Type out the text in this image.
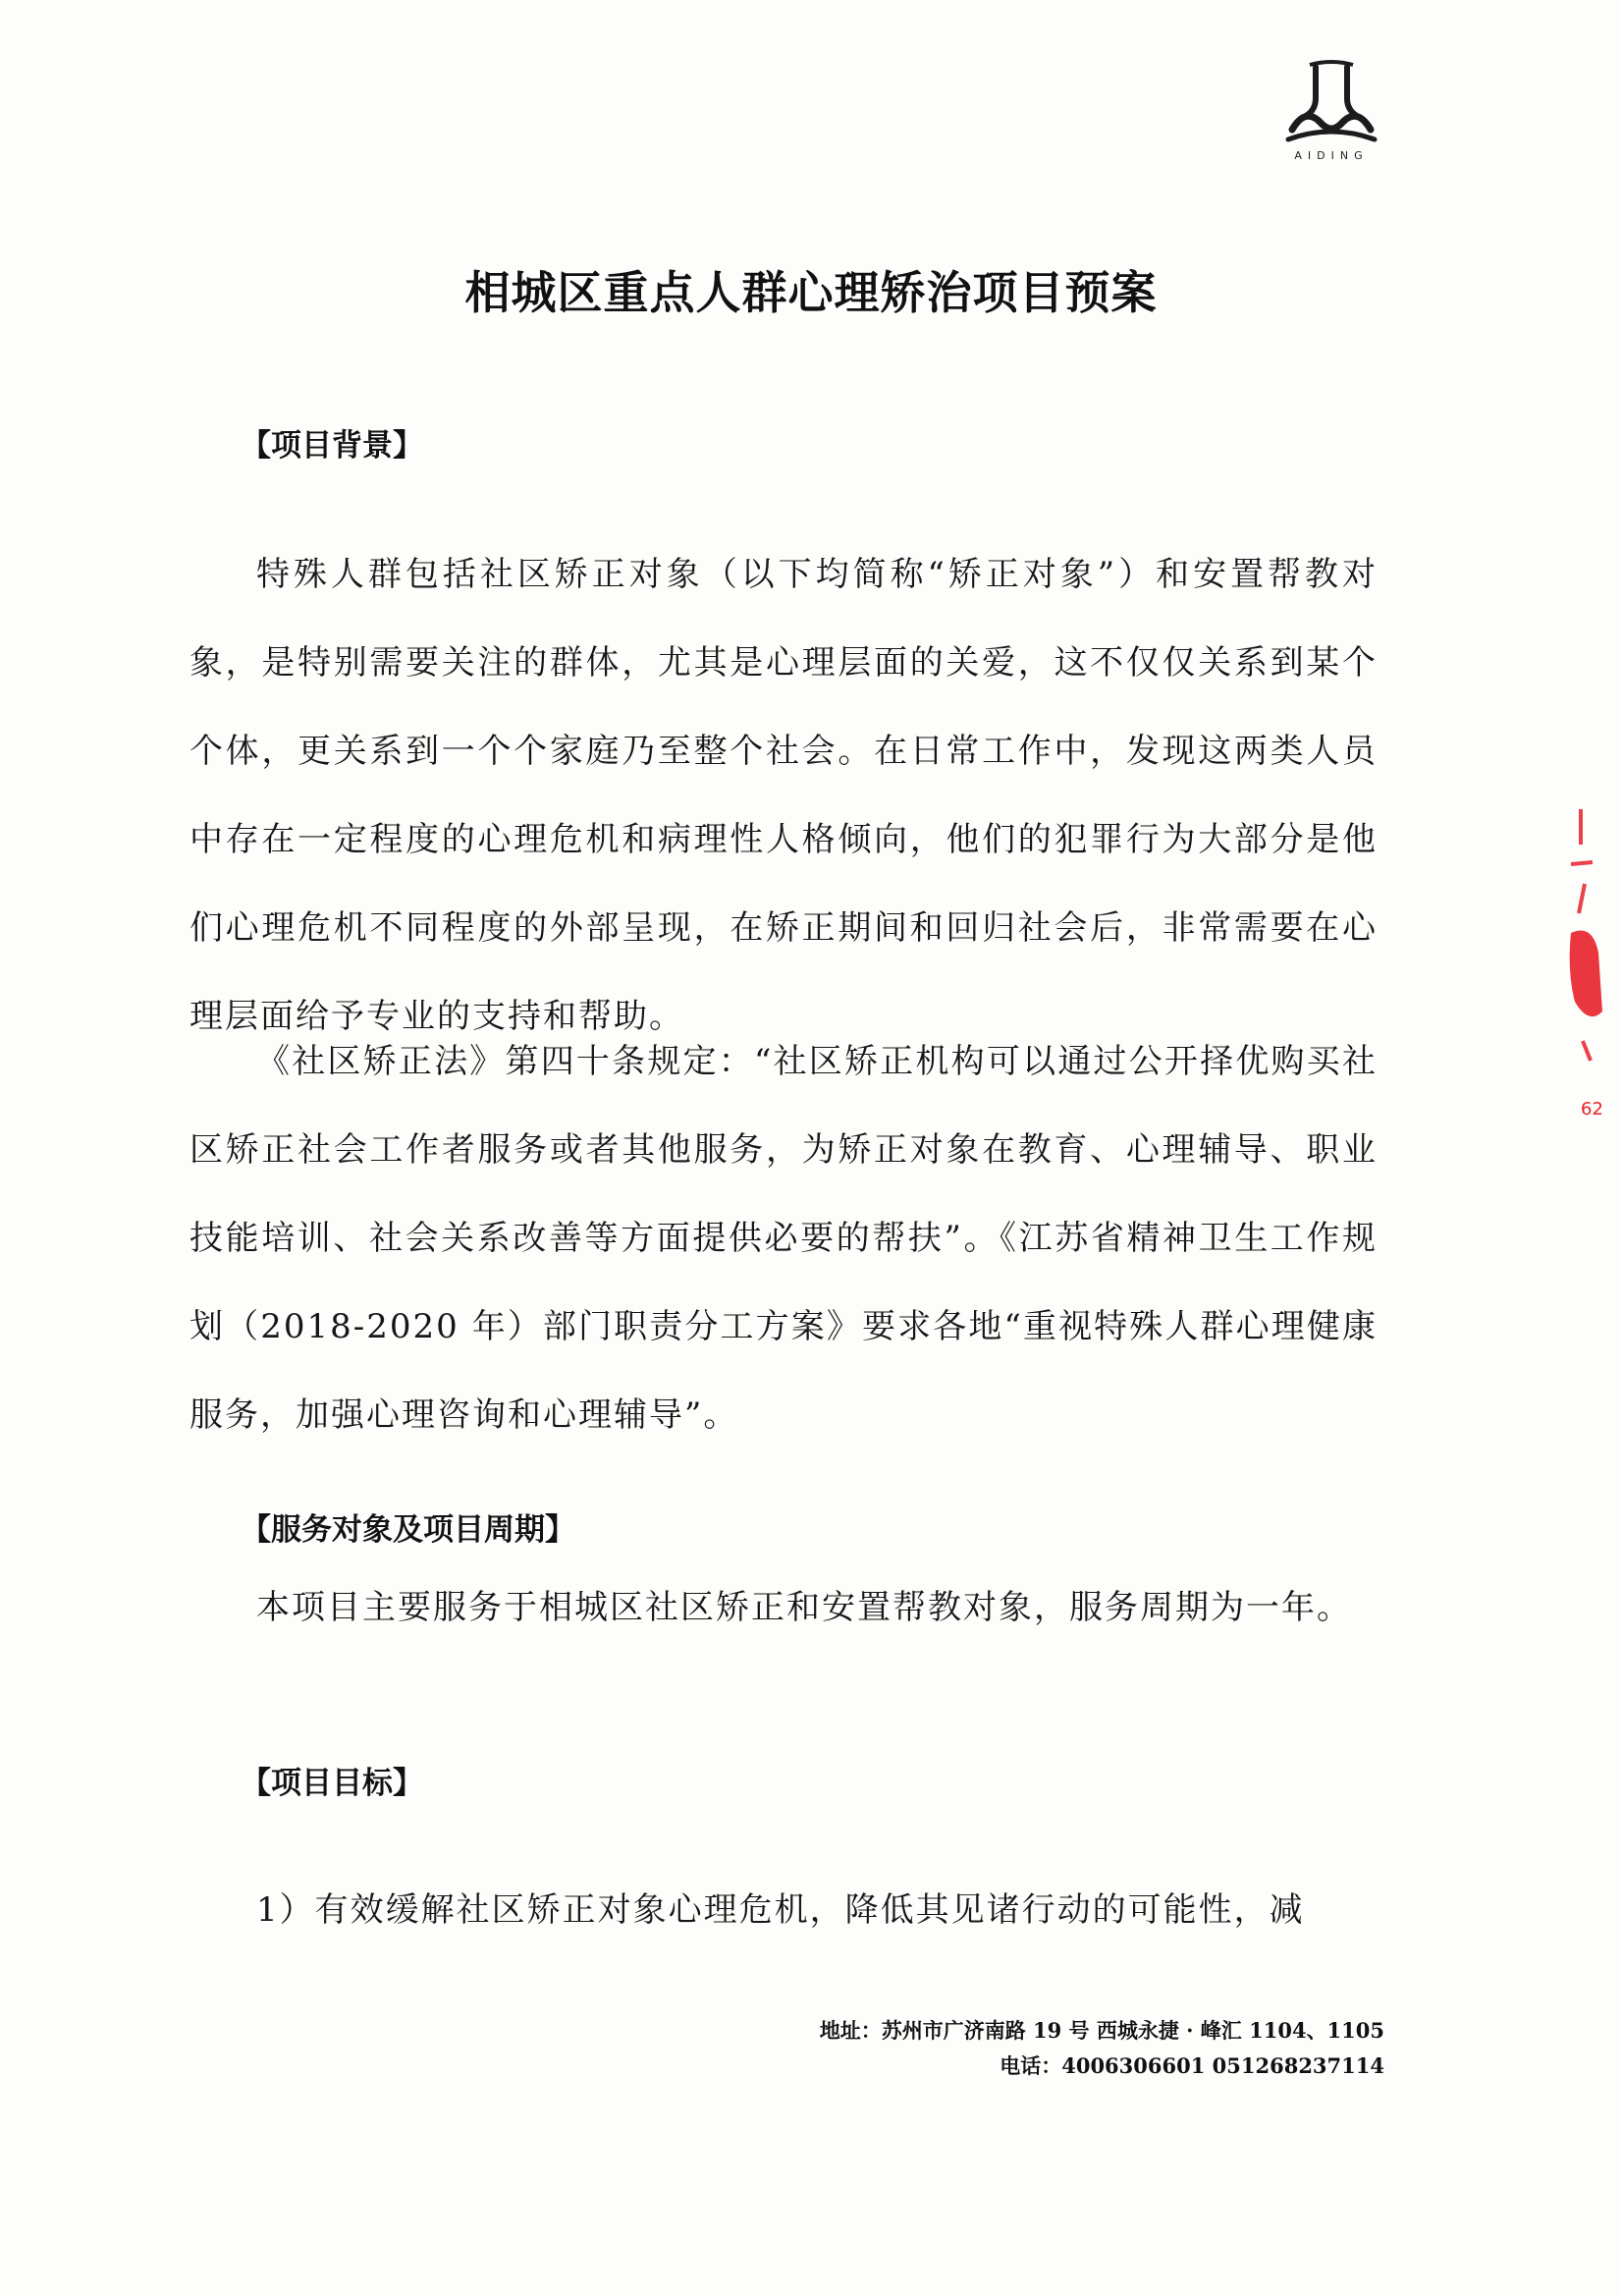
AIDING
相城区重点人群心理矫治项目预案
【项目背景】

特殊人群包括社区矫正对象（以下均简称“矫正对象”）和安置帮教对象，是特别需要关注的群体，尤其是心理层面的关爱，这不仅仅关系到某个个体，更关系到一个个家庭乃至整个社会。在日常工作中，发现这两类人员中存在一定程度的心理危机和病理性人格倾向，他们的犯罪行为大部分是他们心理危机不同程度的外部呈现，在矫正期间和回归社会后，非常需要在心理层面给予专业的支持和帮助。

《社区矫正法》第四十条规定：“社区矫正机构可以通过公开择优购买社区矫正社会工作者服务或者其他服务，为矫正对象在教育、心理辅导、职业技能培训、社会关系改善等方面提供必要的帮扶”。《江苏省精神卫生工作规划（2018-2020 年）部门职责分工方案》要求各地“重视特殊人群心理健康服务，加强心理咨询和心理辅导”。

【服务对象及项目周期】

本项目主要服务于相城区社区矫正和安置帮教对象，服务周期为一年。

【项目目标】

1）有效缓解社区矫正对象心理危机，降低其见诸行动的可能性，减

地址：苏州市广济南路 19 号 西城永捷 · 峰汇 1104、1105
电话：4006306601 051268237114
62
